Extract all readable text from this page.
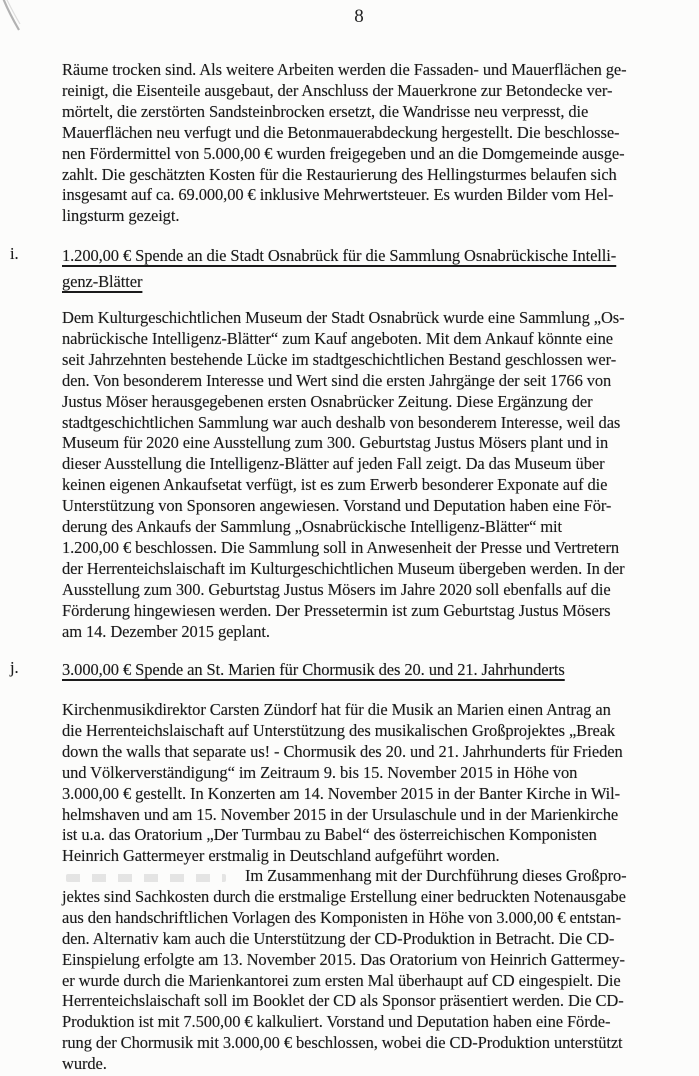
8

Räume trocken sind. Als weitere Arbeiten werden die Fassaden- und Mauerflächen ge-
reinigt, die Eisenteile ausgebaut, der Anschluss der Mauerkrone zur Betondecke ver-
mörtelt, die zerstörten Sandsteinbrocken ersetzt, die Wandrisse neu verpresst, die
Mauerflächen neu verfugt und die Betonmauerabdeckung hergestellt. Die beschlosse-
nen Fördermittel von 5.000,00 € wurden freigegeben und an die Domgemeinde ausge-
zahlt. Die geschätzten Kosten für die Restaurierung des Hellingsturmes belaufen sich
insgesamt auf ca. 69.000,00 € inklusive Mehrwertsteuer. Es wurden Bilder vom Hel-
lingsturm gezeigt.

i.	1.200,00 € Spende an die Stadt Osnabrück für die Sammlung Osnabrückische Intelli-
genz-Blätter

Dem Kulturgeschichtlichen Museum der Stadt Osnabrück wurde eine Sammlung „Os-
nabrückische Intelligenz-Blätter“ zum Kauf angeboten. Mit dem Ankauf könnte eine
seit Jahrzehnten bestehende Lücke im stadtgeschichtlichen Bestand geschlossen wer-
den. Von besonderem Interesse und Wert sind die ersten Jahrgänge der seit 1766 von
Justus Möser herausgegebenen ersten Osnabrücker Zeitung. Diese Ergänzung der
stadtgeschichtlichen Sammlung war auch deshalb von besonderem Interesse, weil das
Museum für 2020 eine Ausstellung zum 300. Geburtstag Justus Mösers plant und in
dieser Ausstellung die Intelligenz-Blätter auf jeden Fall zeigt. Da das Museum über
keinen eigenen Ankaufsetat verfügt, ist es zum Erwerb besonderer Exponate auf die
Unterstützung von Sponsoren angewiesen. Vorstand und Deputation haben eine För-
derung des Ankaufs der Sammlung „Osnabrückische Intelligenz-Blätter“ mit
1.200,00 € beschlossen. Die Sammlung soll in Anwesenheit der Presse und Vertretern
der Herrenteichslaischaft im Kulturgeschichtlichen Museum übergeben werden. In der
Ausstellung zum 300. Geburtstag Justus Mösers im Jahre 2020 soll ebenfalls auf die
Förderung hingewiesen werden. Der Pressetermin ist zum Geburtstag Justus Mösers
am 14. Dezember 2015 geplant.

j.	3.000,00 € Spende an St. Marien für Chormusik des 20. und 21. Jahrhunderts

Kirchenmusikdirektor Carsten Zündorf hat für die Musik an Marien einen Antrag an
die Herrenteichslaischaft auf Unterstützung des musikalischen Großprojektes „Break
down the walls that separate us! - Chormusik des 20. und 21. Jahrhunderts für Frieden
und Völkerverständigung“ im Zeitraum 9. bis 15. November 2015 in Höhe von
3.000,00 € gestellt. In Konzerten am 14. November 2015 in der Banter Kirche in Wil-
helmshaven und am 15. November 2015 in der Ursulaschule und in der Marienkirche
ist u.a. das Oratorium „Der Turmbau zu Babel“ des österreichischen Komponisten
Heinrich Gattermeyer erstmalig in Deutschland aufgeführt worden.

Im Zusammenhang mit der Durchführung dieses Großpro-
jektes sind Sachkosten durch die erstmalige Erstellung einer bedruckten Notenausgabe
aus den handschriftlichen Vorlagen des Komponisten in Höhe von 3.000,00 € entstan-
den. Alternativ kam auch die Unterstützung der CD-Produktion in Betracht. Die CD-
Einspielung erfolgte am 13. November 2015. Das Oratorium von Heinrich Gattermey-
er wurde durch die Marienkantorei zum ersten Mal überhaupt auf CD eingespielt. Die
Herrenteichslaischaft soll im Booklet der CD als Sponsor präsentiert werden. Die CD-
Produktion ist mit 7.500,00 € kalkuliert. Vorstand und Deputation haben eine Förde-
rung der Chormusik mit 3.000,00 € beschlossen, wobei die CD-Produktion unterstützt
wurde.
